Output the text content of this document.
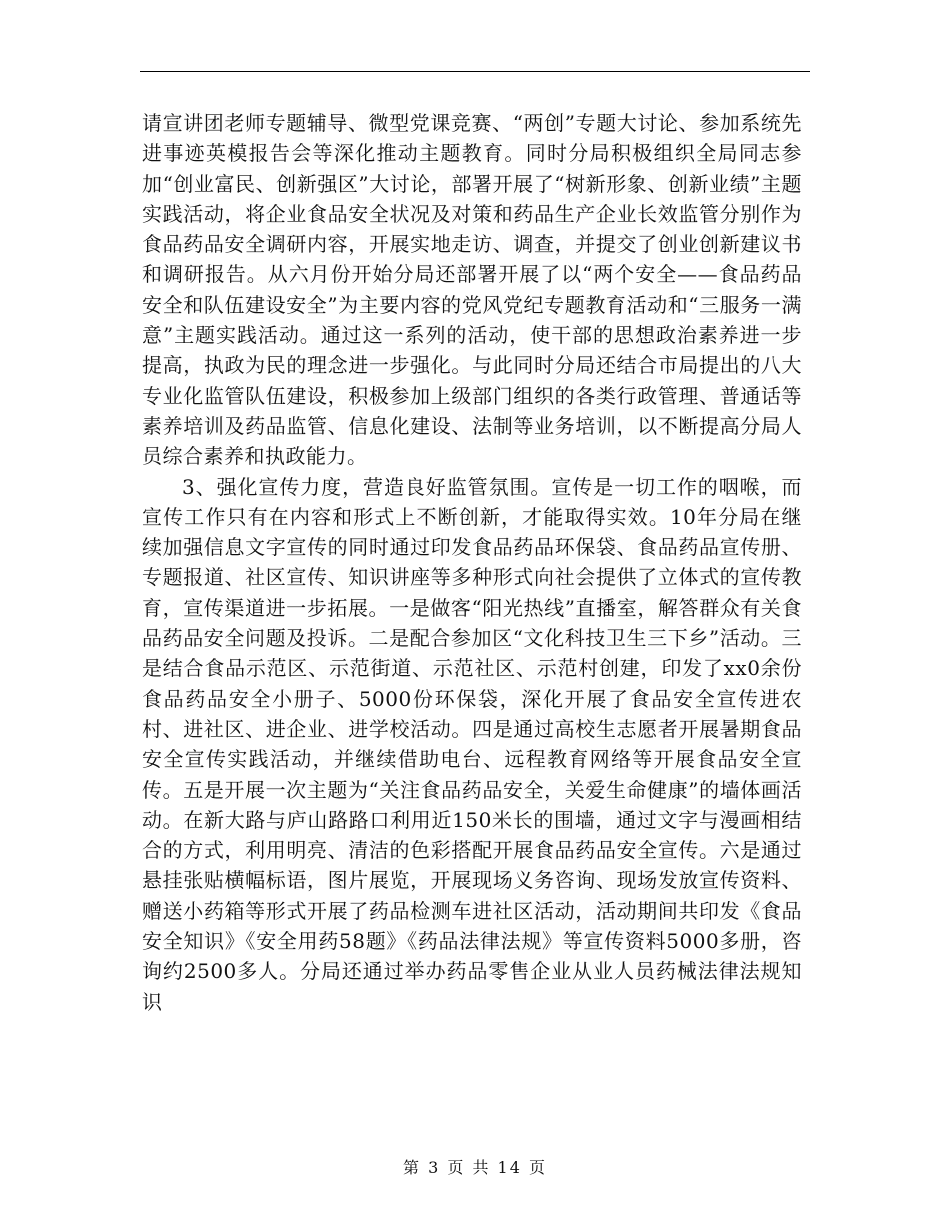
请宣讲团老师专题辅导、微型党课竞赛、“两创”专题大讨论、参加系统先进事迹英模报告会等深化推动主题教育。同时分局积极组织全局同志参加“创业富民、创新强区”大讨论，部署开展了“树新形象、创新业绩”主题实践活动，将企业食品安全状况及对策和药品生产企业长效监管分别作为食品药品安全调研内容，开展实地走访、调查，并提交了创业创新建议书和调研报告。从六月份开始分局还部署开展了以“两个安全——食品药品安全和队伍建设安全”为主要内容的党风党纪专题教育活动和“三服务一满意”主题实践活动。通过这一系列的活动，使干部的思想政治素养进一步提高，执政为民的理念进一步强化。与此同时分局还结合市局提出的八大专业化监管队伍建设，积极参加上级部门组织的各类行政管理、普通话等素养培训及药品监管、信息化建设、法制等业务培训，以不断提高分局人员综合素养和执政能力。

3、强化宣传力度，营造良好监管氛围。宣传是一切工作的咽喉，而宣传工作只有在内容和形式上不断创新，才能取得实效。10年分局在继续加强信息文字宣传的同时通过印发食品药品环保袋、食品药品宣传册、专题报道、社区宣传、知识讲座等多种形式向社会提供了立体式的宣传教育，宣传渠道进一步拓展。一是做客“阳光热线”直播室，解答群众有关食品药品安全问题及投诉。二是配合参加区“文化科技卫生三下乡”活动。三是结合食品示范区、示范街道、示范社区、示范村创建，印发了xx0余份食品药品安全小册子、5000份环保袋，深化开展了食品安全宣传进农村、进社区、进企业、进学校活动。四是通过高校生志愿者开展暑期食品安全宣传实践活动，并继续借助电台、远程教育网络等开展食品安全宣传。五是开展一次主题为“关注食品药品安全，关爱生命健康”的墙体画活动。在新大路与庐山路路口利用近150米长的围墙，通过文字与漫画相结合的方式，利用明亮、清洁的色彩搭配开展食品药品安全宣传。六是通过悬挂张贴横幅标语，图片展览，开展现场义务咨询、现场发放宣传资料、赠送小药箱等形式开展了药品检测车进社区活动，活动期间共印发《食品安全知识》《安全用药58题》《药品法律法规》等宣传资料5000多册，咨询约2500多人。分局还通过举办药品零售企业从业人员药械法律法规知识

第 3 页 共 14 页
